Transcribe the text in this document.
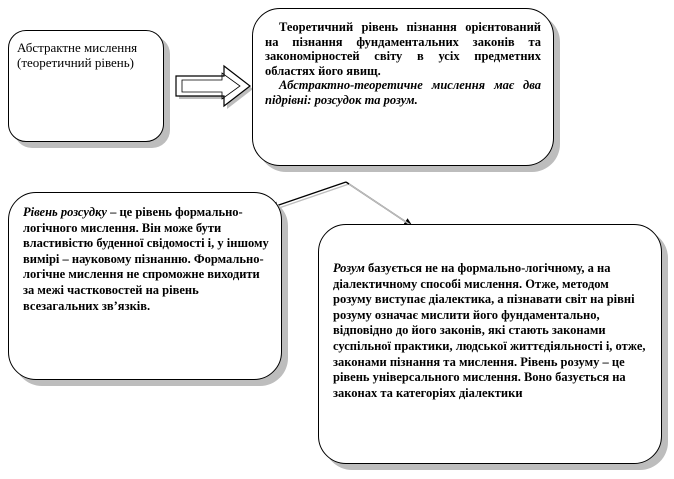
Абстрактне мислення (теоретичний рівень)

Теоретичний рівень пізнання орієнтований на пізнання фундаментальних законів та закономірностей світу в усіх предметних областях його явищ.

Абстрактно-теоретичне мислення має два підрівні: розсудок та розум.

Рівень розсудку – це рівень формально-логічного мислення. Він може бути властивістю буденної свідомості і, у іншому вимірі – науковому пізнанню. Формально-логічне мислення не спроможне виходити за межі частковостей на рівень всезагальних зв’язків.

Розум базується не на формально-логічному, а на діалектичному способі мислення. Отже, методом розуму виступає діалектика, а пізнавати світ на рівні розуму означає мислити його фундаментально, відповідно до його законів, які стають законами суспільної практики, людської життєдіяльності і, отже, законами пізнання та мислення. Рівень розуму – це рівень універсального мислення. Воно базується на законах та категоріях діалектики
